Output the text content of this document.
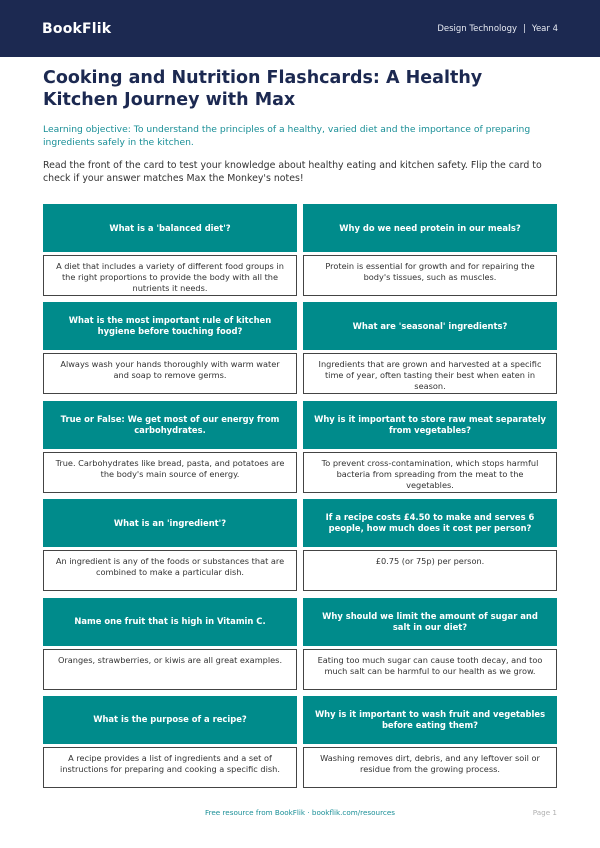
BookFlik	Design Technology | Year 4
Cooking and Nutrition Flashcards: A Healthy Kitchen Journey with Max

Learning objective: To understand the principles of a healthy, varied diet and the importance of preparing ingredients safely in the kitchen.

Read the front of the card to test your knowledge about healthy eating and kitchen safety. Flip the card to check if your answer matches Max the Monkey's notes!

What is a 'balanced diet'?
A diet that includes a variety of different food groups in the right proportions to provide the body with all the nutrients it needs.
Why do we need protein in our meals?
Protein is essential for growth and for repairing the body's tissues, such as muscles.
What is the most important rule of kitchen hygiene before touching food?
Always wash your hands thoroughly with warm water and soap to remove germs.
What are 'seasonal' ingredients?
Ingredients that are grown and harvested at a specific time of year, often tasting their best when eaten in season.
True or False: We get most of our energy from carbohydrates.
True. Carbohydrates like bread, pasta, and potatoes are the body's main source of energy.
Why is it important to store raw meat separately from vegetables?
To prevent cross-contamination, which stops harmful bacteria from spreading from the meat to the vegetables.
What is an 'ingredient'?
An ingredient is any of the foods or substances that are combined to make a particular dish.
If a recipe costs £4.50 to make and serves 6 people, how much does it cost per person?
£0.75 (or 75p) per person.
Name one fruit that is high in Vitamin C.
Oranges, strawberries, or kiwis are all great examples.
Why should we limit the amount of sugar and salt in our diet?
Eating too much sugar can cause tooth decay, and too much salt can be harmful to our health as we grow.
What is the purpose of a recipe?
A recipe provides a list of ingredients and a set of instructions for preparing and cooking a specific dish.
Why is it important to wash fruit and vegetables before eating them?
Washing removes dirt, debris, and any leftover soil or residue from the growing process.
Free resource from BookFlik · bookflik.com/resources	Page 1
